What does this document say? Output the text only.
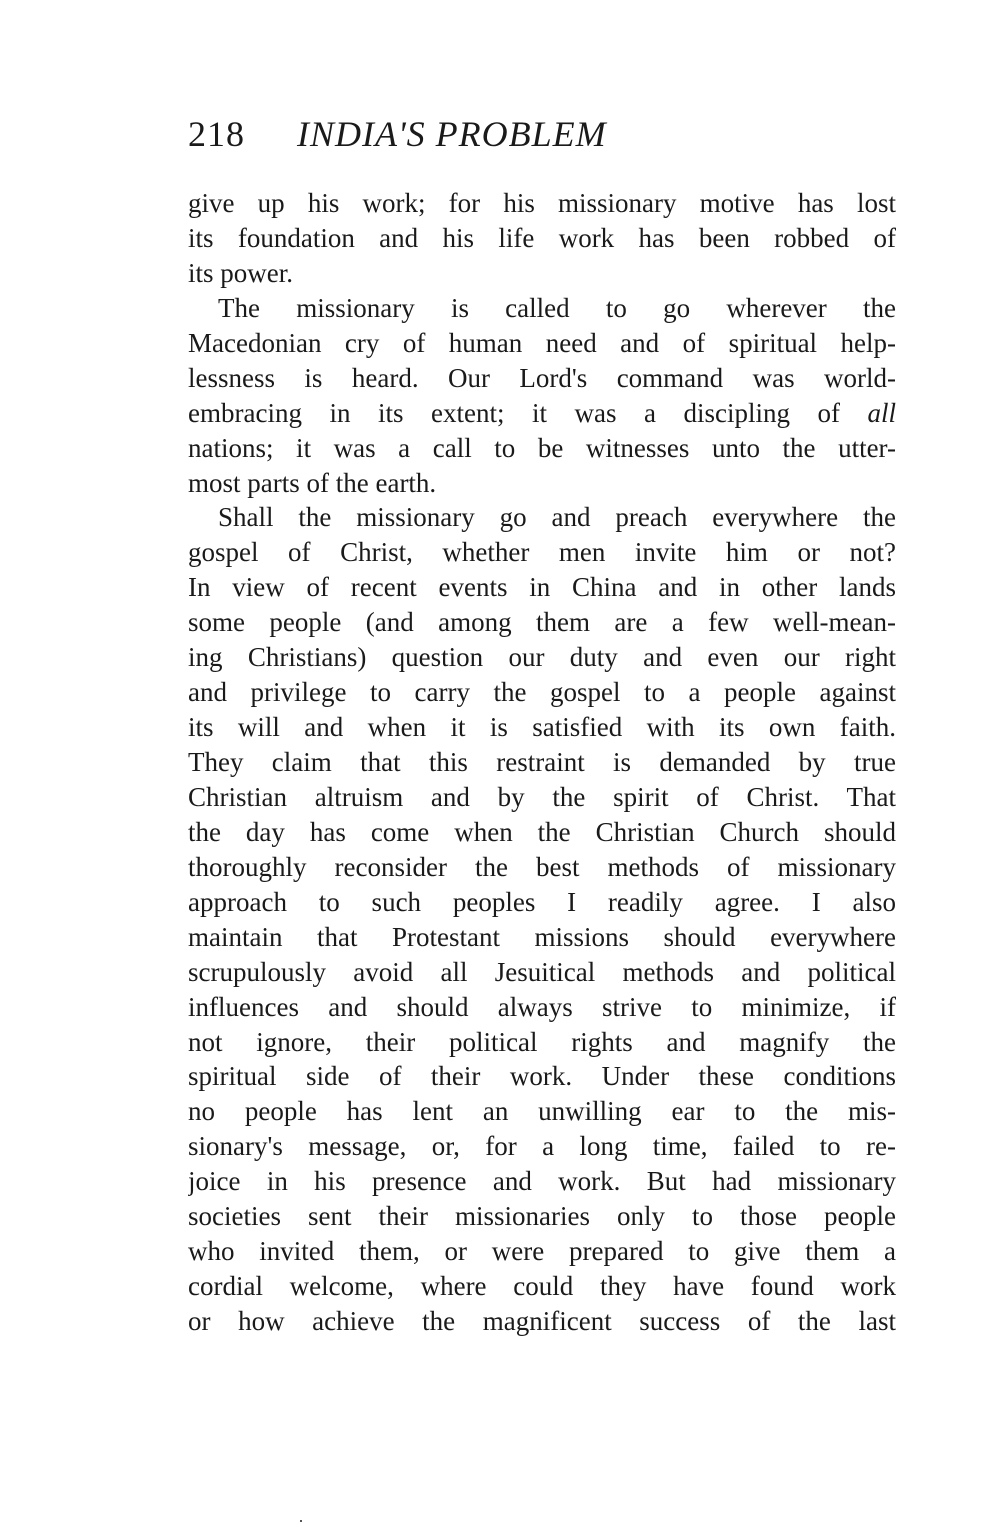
218 INDIA'S PROBLEM
give up his work; for his missionary motive has lost
its foundation and his life work has been robbed of
its power.
The missionary is called to go wherever the
Macedonian cry of human need and of spiritual help-
lessness is heard. Our Lord's command was world-
embracing in its extent; it was a discipling of all
nations; it was a call to be witnesses unto the utter-
most parts of the earth.
Shall the missionary go and preach everywhere the
gospel of Christ, whether men invite him or not?
In view of recent events in China and in other lands
some people (and among them are a few well-mean-
ing Christians) question our duty and even our right
and privilege to carry the gospel to a people against
its will and when it is satisfied with its own faith.
They claim that this restraint is demanded by true
Christian altruism and by the spirit of Christ. That
the day has come when the Christian Church should
thoroughly reconsider the best methods of missionary
approach to such peoples I readily agree. I also
maintain that Protestant missions should everywhere
scrupulously avoid all Jesuitical methods and political
influences and should always strive to minimize, if
not ignore, their political rights and magnify the
spiritual side of their work. Under these conditions
no people has lent an unwilling ear to the mis-
sionary's message, or, for a long time, failed to re-
joice in his presence and work. But had missionary
societies sent their missionaries only to those people
who invited them, or were prepared to give them a
cordial welcome, where could they have found work
or how achieve the magnificent success of the last
